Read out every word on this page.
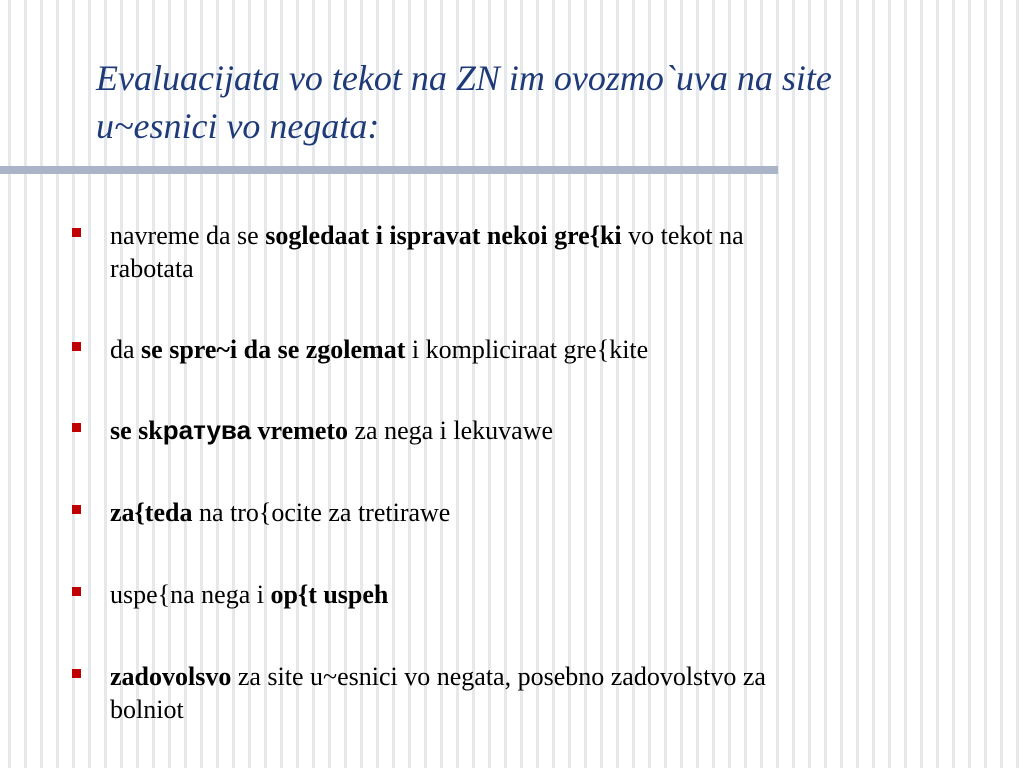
Evaluacijata vo tekot na ZN im ovozmo`uva na site
u~esnici vo negata:
navreme da se sogledaat i ispravat nekoi gre{ki vo tekot na
rabotata
da se spre~i da se zgolemat i kompliciraat gre{kite
se skратува vremeto za nega i lekuvawe
za{teda na tro{ocite za tretirawe
uspe{na nega i op{t uspeh
zadovolsvo za site u~esnici vo negata, posebno zadovolstvo za
bolniot
